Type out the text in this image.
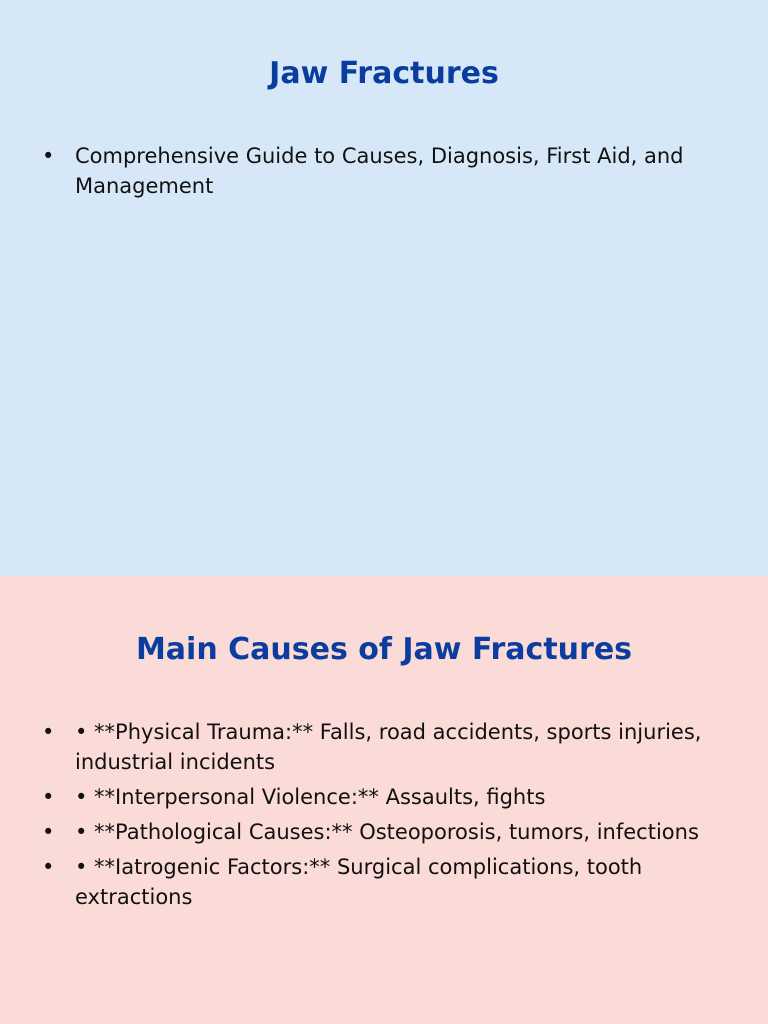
Jaw Fractures
• Comprehensive Guide to Causes, Diagnosis, First Aid, and Management
Main Causes of Jaw Fractures
• • **Physical Trauma:** Falls, road accidents, sports injuries, industrial incidents
• • **Interpersonal Violence:** Assaults, fights
• • **Pathological Causes:** Osteoporosis, tumors, infections
• • **Iatrogenic Factors:** Surgical complications, tooth extractions
